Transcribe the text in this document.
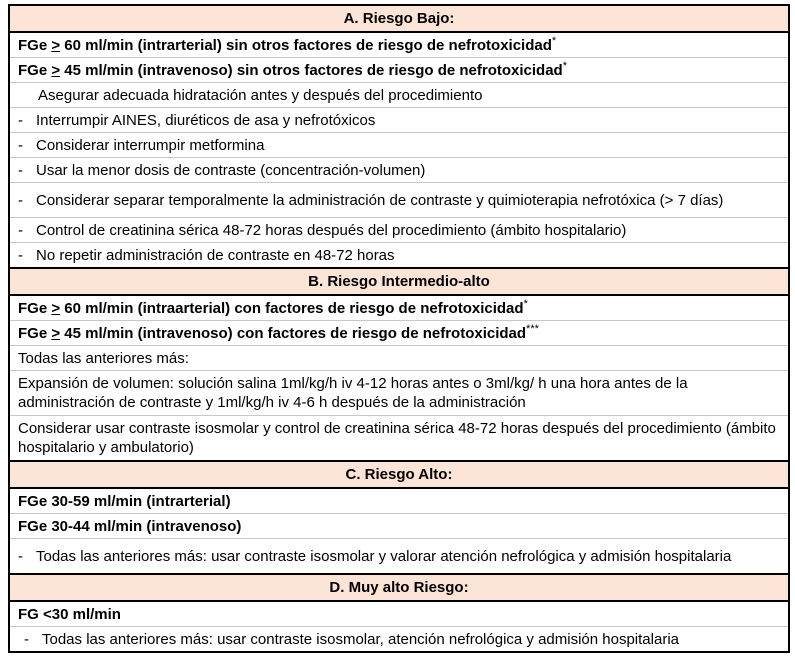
A. Riesgo Bajo:
FGe > 60 ml/min (intrarterial) sin otros factores de riesgo de nefrotoxicidad*
FGe > 45 ml/min (intravenoso) sin otros factores de riesgo de nefrotoxicidad*
Asegurar adecuada hidratación antes y después del procedimiento
- Interrumpir AINES, diuréticos de asa y nefrotóxicos
- Considerar interrumpir metformina
- Usar la menor dosis de contraste (concentración-volumen)
- Considerar separar temporalmente la administración de contraste y quimioterapia nefrotóxica (> 7 días)
- Control de creatinina sérica 48-72 horas después del procedimiento (ámbito hospitalario)
- No repetir administración de contraste en 48-72 horas
B. Riesgo Intermedio-alto
FGe > 60 ml/min (intraarterial) con factores de riesgo de nefrotoxicidad*
FGe > 45 ml/min (intravenoso) con factores de riesgo de nefrotoxicidad***
Todas las anteriores más:
Expansión de volumen: solución salina 1ml/kg/h iv 4-12 horas antes o 3ml/kg/ h una hora antes de la administración de contraste y 1ml/kg/h iv 4-6 h después de la administración
Considerar usar contraste isosmolar y control de creatinina sérica 48-72 horas después del procedimiento (ámbito hospitalario y ambulatorio)
C. Riesgo Alto:
FGe 30-59 ml/min (intrarterial)
FGe 30-44 ml/min (intravenoso)
- Todas las anteriores más: usar contraste isosmolar y valorar atención nefrológica y admisión hospitalaria
D. Muy alto Riesgo:
FG <30 ml/min
- Todas las anteriores más: usar contraste isosmolar, atención nefrológica y admisión hospitalaria
